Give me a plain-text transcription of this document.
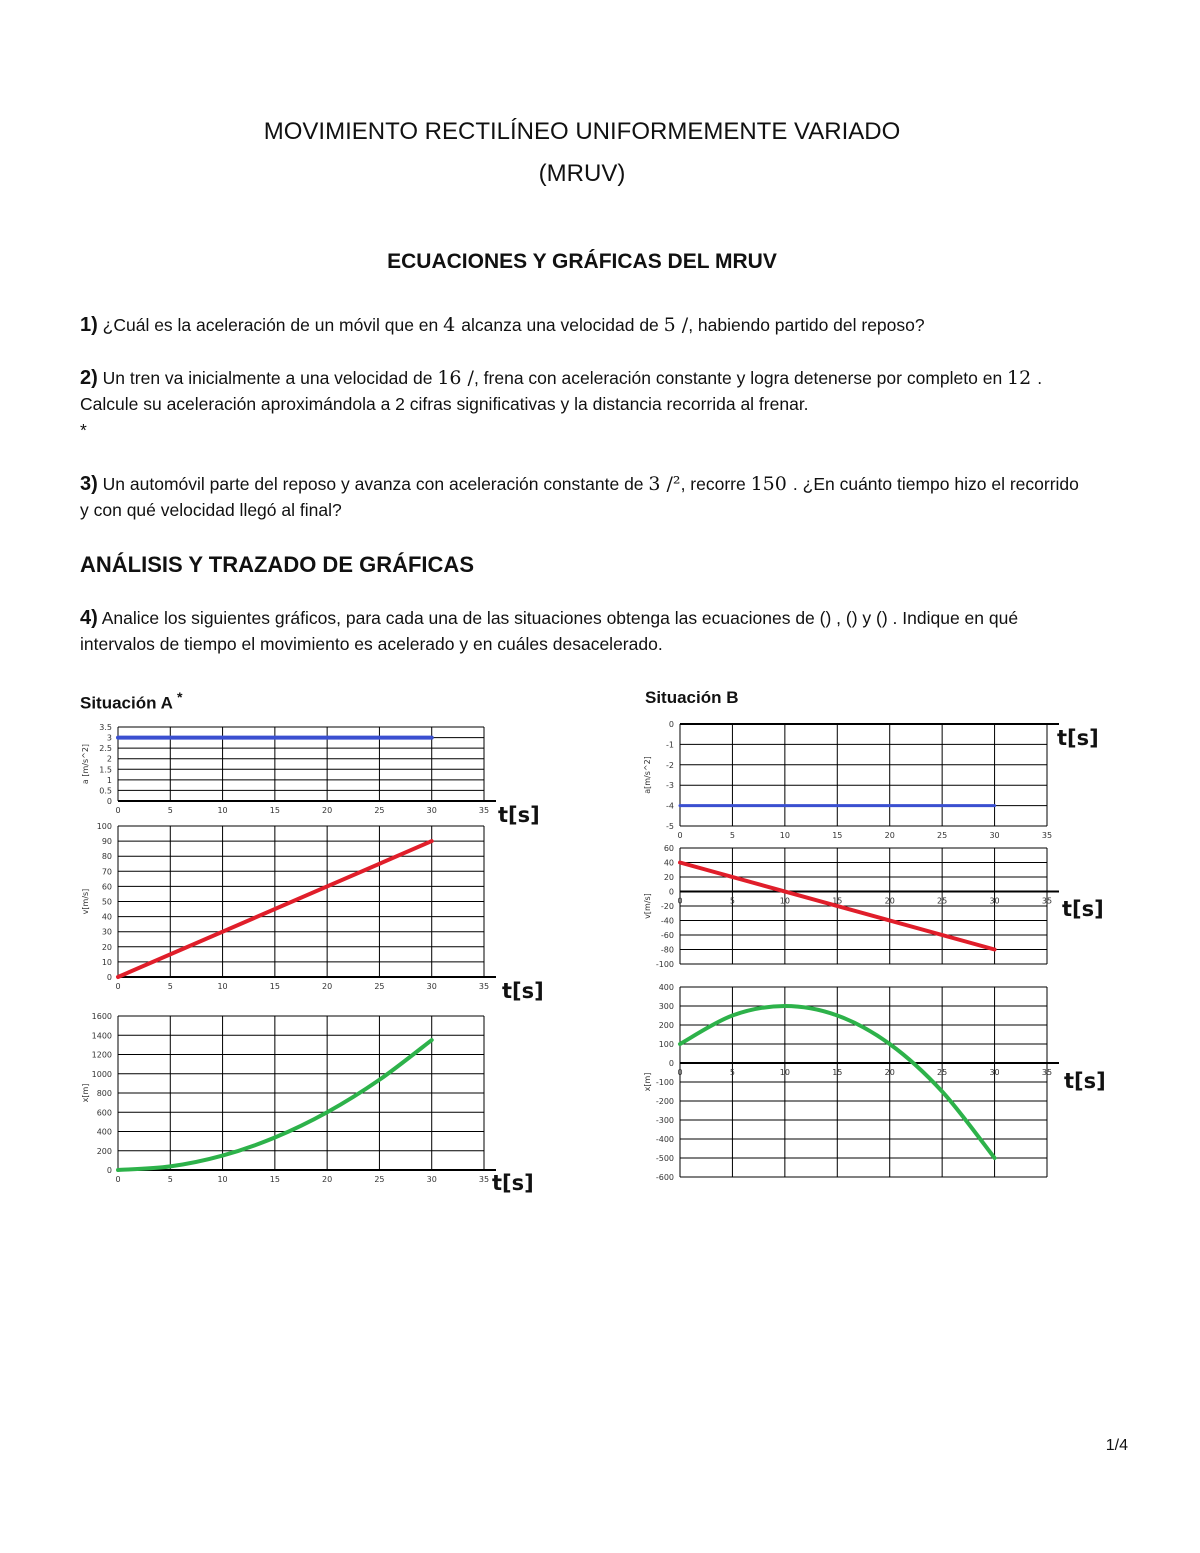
MOVIMIENTO RECTILÍNEO UNIFORMEMENTE VARIADO
(MRUV)
ECUACIONES Y GRÁFICAS DEL MRUV
1) ¿Cuál es la aceleración de un móvil que en 4 alcanza una velocidad de 5 /, habiendo partido del reposo?
2) Un tren va inicialmente a una velocidad de 16 /, frena con aceleración constante y logra detenerse por completo en 12 . Calcule su aceleración aproximándola a 2 cifras significativas y la distancia recorrida al frenar.
*
3) Un automóvil parte del reposo y avanza con aceleración constante de 3 /², recorre 150 . ¿En cuánto tiempo hizo el recorrido y con qué velocidad llegó al final?
ANÁLISIS Y TRAZADO DE GRÁFICAS
4) Analice los siguientes gráficos, para cada una de las situaciones obtenga las ecuaciones de () , () y () . Indique en qué intervalos de tiempo el movimiento es acelerado y en cuáles desacelerado.
Situación A *	Situación B
t[s]
t[s]
t[s]
t[s]
t[s]
t[s]
0
0.5
1
1.5
2
2.5
3
3.5
0	5	10	15	20	25	30	35
a [m/s^2]
0
10
20
30
40
50
60
70
80
90
100
0	5	10	15	20	25	30	35
v[m/s]
0
200
400
600
800
1000
1200
1400
1600
0	5	10	15	20	25	30	35
x[m]
0
-1
-2
-3
-4
-5
0	5	10	15	20	25	30	35
a[m/s^2]
60
40
20
0
-20
-40
-60
-80
-100
0	5	10	15	20	25	30	35
v[m/s]
400
300
200
100
0
-100
-200
-300
-400
-500
-600
0	5	10	15	20	25	30	35
x[m]
1/4
